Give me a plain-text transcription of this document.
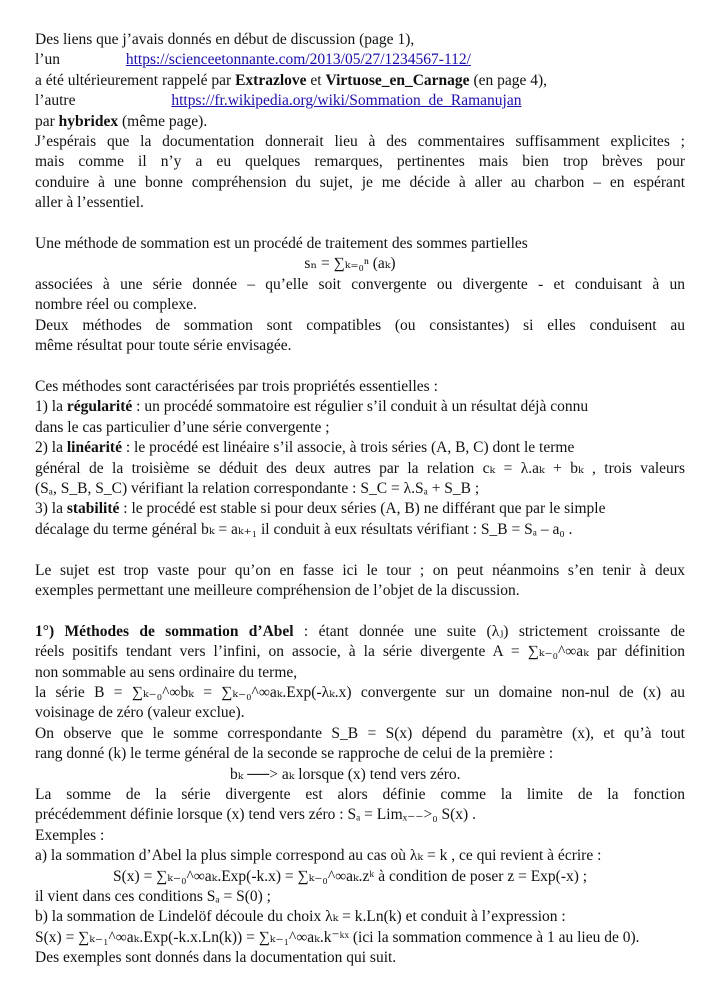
Des liens que j’avais donnés en début de discussion (page 1),

l’un	https://scienceetonnante.com/2013/05/27/1234567-112/

a été ultérieurement rappelé par Extrazlove et Virtuose_en_Carnage (en page 4),

l’autre	https://fr.wikipedia.org/wiki/Sommation_de_Ramanujan

par hybridex (même page).

J’espérais que la documentation donnerait lieu à des commentaires suffisamment explicites ;

mais comme il n’y a eu quelques remarques, pertinentes mais bien trop brèves pour

conduire à une bonne compréhension du sujet, je me décide à aller au charbon – en espérant

aller à l’essentiel.

Une méthode de sommation est un procédé de traitement des sommes partielles

sₙ = ∑ₖ₌₀ⁿ (aₖ)

associées à une série donnée – qu’elle soit convergente ou divergente - et conduisant à un

nombre réel ou complexe.

Deux méthodes de sommation sont compatibles (ou consistantes) si elles conduisent au

même résultat pour toute série envisagée.

Ces méthodes sont caractérisées par trois propriétés essentielles :

1) la régularité : un procédé sommatoire est régulier s’il conduit à un résultat déjà connu

dans le cas particulier d’une série convergente ;

2) la linéarité : le procédé est linéaire s’il associe, à trois séries (A, B, C) dont le terme

général de la troisième se déduit des deux autres par la relation cₖ = λ.aₖ + bₖ , trois valeurs

(Sₐ, S_B, S_C) vérifiant la relation correspondante : S_C = λ.Sₐ + S_B ;

3) la stabilité : le procédé est stable si pour deux séries (A, B) ne différant que par le simple

décalage du terme général bₖ = aₖ₊₁ il conduit à eux résultats vérifiant : S_B = Sₐ – a₀ .

Le sujet est trop vaste pour qu’on en fasse ici le tour ; on peut néanmoins s’en tenir à deux

exemples permettant une meilleure compréhension de l’objet de la discussion.

1°) Méthodes de sommation d’Abel : étant donnée une suite (λⱼ) strictement croissante de

réels positifs tendant vers l’infini, on associe, à la série divergente A = ∑ₖ₋₀^∞aₖ par définition

non sommable au sens ordinaire du terme,

la série B = ∑ₖ₋₀^∞bₖ = ∑ₖ₋₀^∞aₖ.Exp(-λₖ.x) convergente sur un domaine non-nul de (x) au

voisinage de zéro (valeur exclue).

On observe que le somme correspondante S_B = S(x) dépend du paramètre (x), et qu’à tout

rang donné (k) le terme général de la seconde se rapproche de celui de la première :

bₖ ──> aₖ lorsque (x) tend vers zéro.

La somme de la série divergente est alors définie comme la limite de la fonction

précédemment définie lorsque (x) tend vers zéro : Sₐ = Limₓ₋₋>₀ S(x) .

Exemples :

a) la sommation d’Abel la plus simple correspond au cas où λₖ = k , ce qui revient à écrire :

S(x) = ∑ₖ₋₀^∞aₖ.Exp(-k.x) = ∑ₖ₋₀^∞aₖ.zᵏ à condition de poser z = Exp(-x) ;

il vient dans ces conditions Sₐ = S(0) ;

b) la sommation de Lindelöf découle du choix λₖ = k.Ln(k) et conduit à l’expression :

S(x) = ∑ₖ₋₁^∞aₖ.Exp(-k.x.Ln(k)) = ∑ₖ₋₁^∞aₖ.k⁻ᵏˣ (ici la sommation commence à 1 au lieu de 0).

Des exemples sont donnés dans la documentation qui suit.
